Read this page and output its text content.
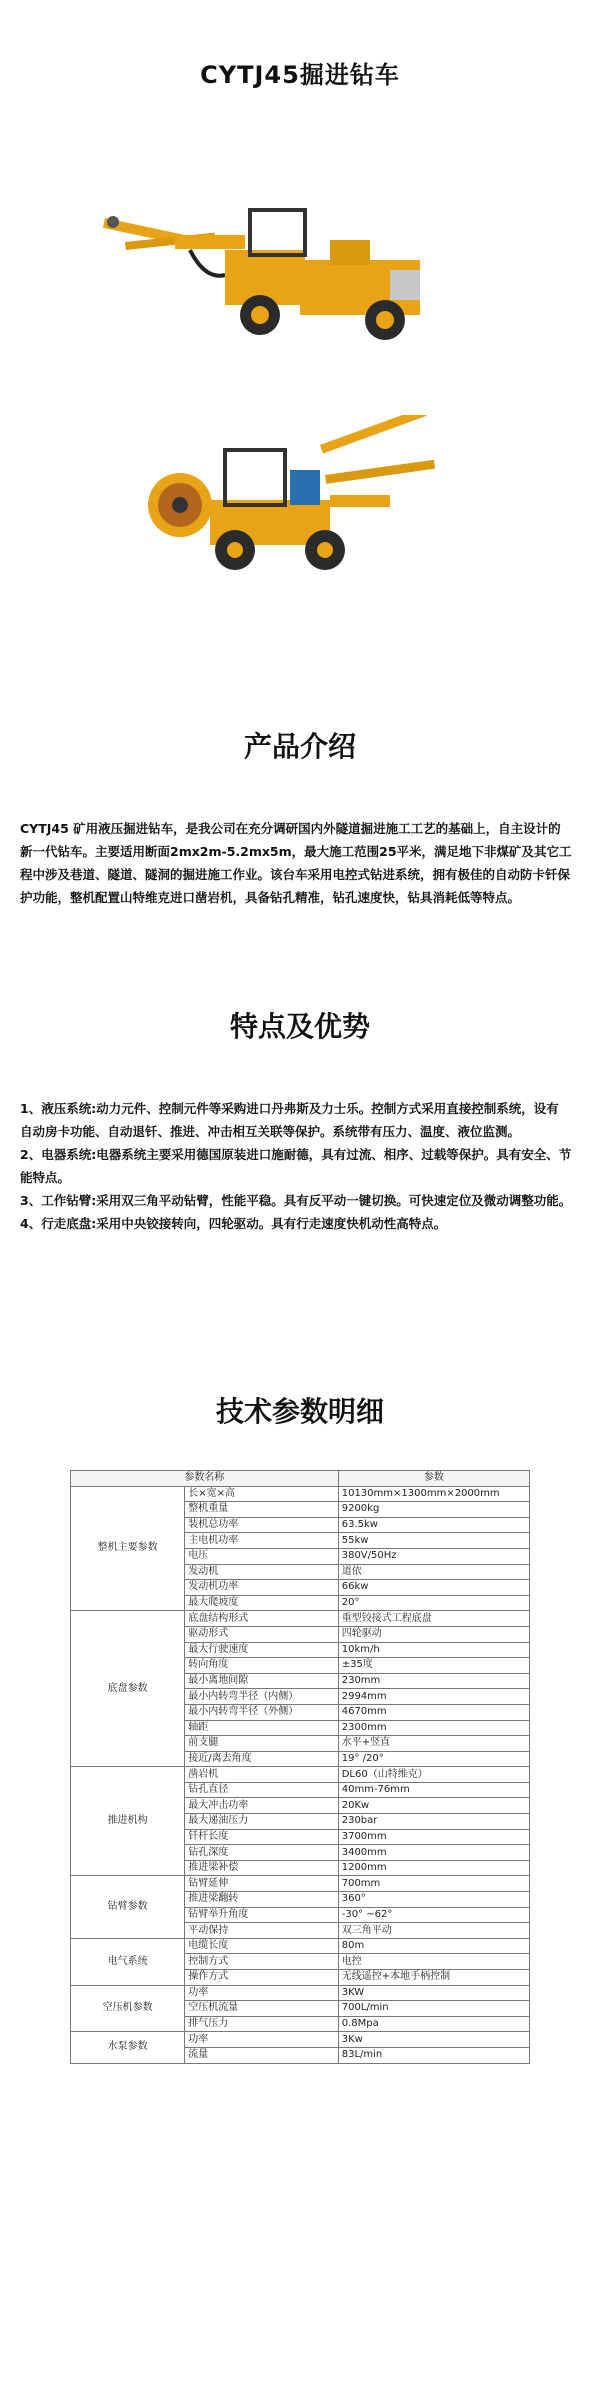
CYTJ45掘进钻车
产品介绍
CYTJ45 矿用液压掘进钻车，是我公司在充分调研国内外隧道掘进施工工艺的基础上，自主设计的新一代钻车。主要适用断面2mx2m-5.2mx5m，最大施工范围25平米，满足地下非煤矿及其它工程中涉及巷道、隧道、隧洞的掘进施工作业。该台车采用电控式钻进系统，拥有极佳的自动防卡钎保护功能，整机配置山特维克进口凿岩机，具备钻孔精准，钻孔速度快，钻具消耗低等特点。
特点及优势

1、液压系统:动力元件、控制元件等采购进口丹弗斯及力士乐。控制方式采用直接控制系统，设有

自动房卡功能、自动退钎、推进、冲击相互关联等保护。系统带有压力、温度、液位监测。

2、电器系统:电器系统主要采用德国原装进口施耐德，具有过流、相序、过载等保护。具有安全、节能特点。

3、工作钻臂:采用双三角平动钻臂，性能平稳。具有反平动一键切换。可快速定位及微动调整功能。

4、行走底盘:采用中央铰接转向，四轮驱动。具有行走速度快机动性高特点。

技术参数明细
参数名称		参数
整机主要参数	长×宽×高	10130mm×1300mm×2000mm
	整机重量	9200kg
	装机总功率	63.5kw
	主电机功率	55kw
	电压	380V/50Hz
	发动机	道依
	发动机功率	66kw
	最大爬坡度	20°
底盘参数	底盘结构形式	重型铰接式工程底盘
	驱动形式	四轮驱动
	最大行驶速度	10km/h
	转向角度	±35度
	最小离地间隙	230mm
	最小内转弯半径（内侧）	2994mm
	最小内转弯半径（外侧）	4670mm
	轴距	2300mm
	前支腿	水平+竖直
	接近/离去角度	19° /20°
推进机构	凿岩机	DL60（山特维克）
	钻孔直径	40mm-76mm
	最大冲击功率	20Kw
	最大递油压力	230bar
	钎杆长度	3700mm
	钻孔深度	3400mm
	推进梁补偿	1200mm
钻臂参数	钻臂延伸	700mm
	推进梁翻转	360°
	钻臂举升角度	-30° ~62°
	平动保持	双三角平动
电气系统	电缆长度	80m
	控制方式	电控
	操作方式	无线遥控+本地手柄控制
空压机参数	功率	3KW
	空压机流量	700L/min
	排气压力	0.8Mpa
水泵参数	功率	3Kw
	流量	83L/min
